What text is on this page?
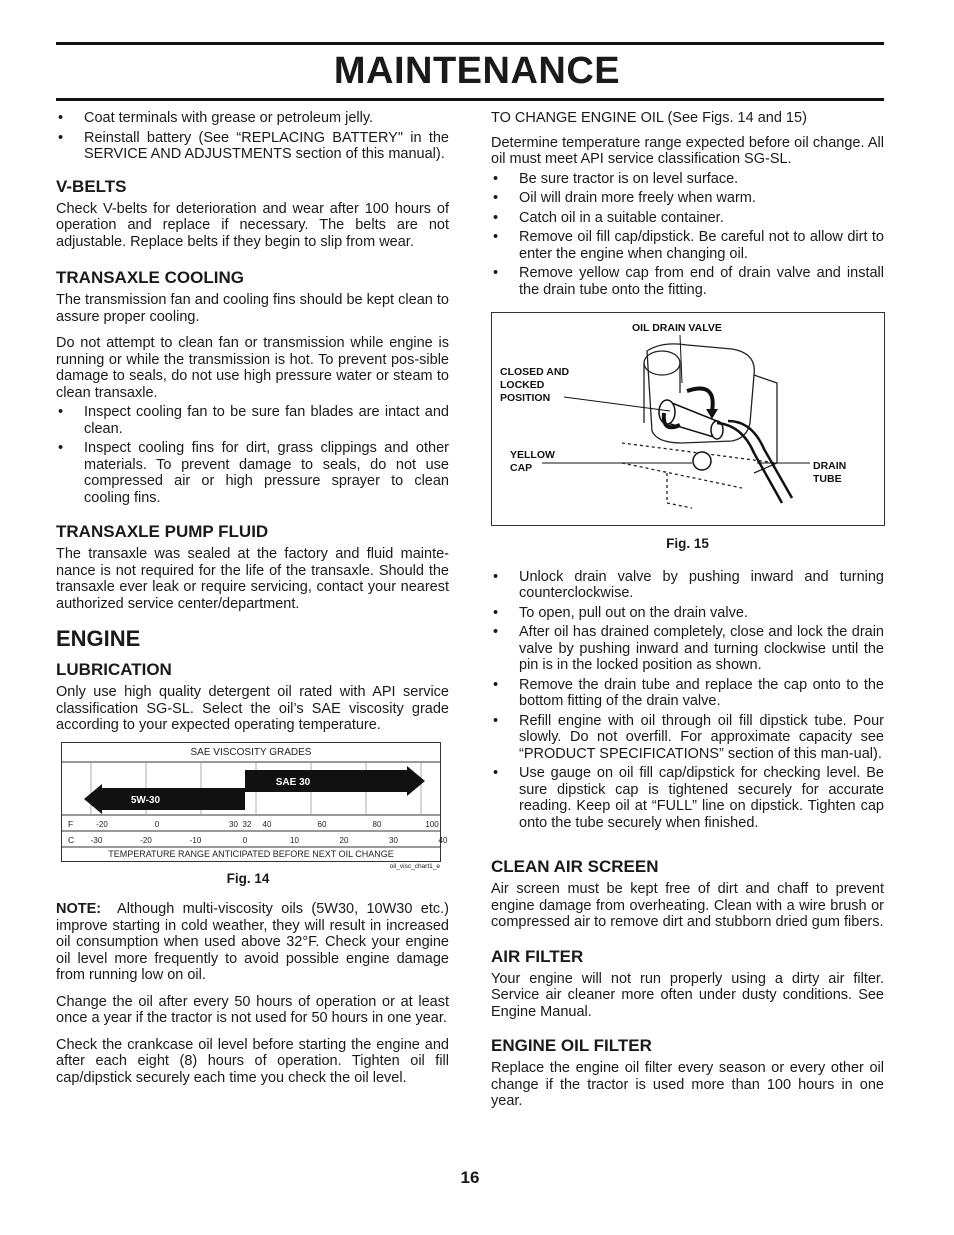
MAINTENANCE
• Coat terminals with grease or petroleum jelly.
• Reinstall battery (See “REPLACING BATTERY" in the SERVICE AND ADJUSTMENTS section of this manual).
V-BELTS

Check V-belts for deterioration and wear after 100 hours of operation and replace if necessary. The belts are not adjustable. Replace belts if they begin to slip from wear.

TRANSAXLE COOLING

The transmission fan and cooling fins should be kept clean to assure proper cooling.

Do not attempt to clean fan or transmission while engine is running or while the transmission is hot. To prevent pos-sible damage to seals, do not use high pressure water or steam to clean transaxle.

• Inspect cooling fan to be sure fan blades are intact and clean.
• Inspect cooling fins for dirt, grass clippings and other materials. To prevent damage to seals, do not use compressed air or high pressure sprayer to clean cooling fins.
TRANSAXLE PUMP FLUID

The transaxle was sealed at the factory and fluid mainte-nance is not required for the life of the transaxle. Should the transaxle ever leak or require servicing, contact your nearest authorized service center/department.

ENGINE
LUBRICATION

Only use high quality detergent oil rated with API service classification SG-SL. Select the oil’s SAE viscosity grade according to your expected operating temperature.

SAE VISCOSITY GRADES
F
C
SAE 30
5W-30
-20	0	30 32 40	60	80	100
-30	-20	-10	0	10	20	30	40
TEMPERATURE RANGE ANTICIPATED BEFORE NEXT OIL CHANGE
oil_visc_chart1_e
Fig. 14

NOTE: Although multi-viscosity oils (5W30, 10W30 etc.) improve starting in cold weather, they will result in increased oil consumption when used above 32°F. Check your engine oil level more frequently to avoid possible engine damage from running low on oil.

Change the oil after every 50 hours of operation or at least once a year if the tractor is not used for 50 hours in one year.

Check the crankcase oil level before starting the engine and after each eight (8) hours of operation. Tighten oil fill cap/dipstick securely each time you check the oil level.

TO CHANGE ENGINE OIL (See Figs. 14 and 15)

Determine temperature range expected before oil change. All oil must meet API service classification SG-SL.

• Be sure tractor is on level surface.
• Oil will drain more freely when warm.
• Catch oil in a suitable container.
• Remove oil fill cap/dipstick. Be careful not to allow dirt to enter the engine when changing oil.
• Remove yellow cap from end of drain valve and install the drain tube onto the fitting.
OIL DRAIN VALVE
CLOSED AND
LOCKED
POSITION
YELLOW
CAP	DRAIN
TUBE
Fig. 15
• Unlock drain valve by pushing inward and turning counterclockwise.
• To open, pull out on the drain valve.
• After oil has drained completely, close and lock the drain valve by pushing inward and turning clockwise until the pin is in the locked position as shown.
• Remove the drain tube and replace the cap onto to the bottom fitting of the drain valve.
• Refill engine with oil through oil fill dipstick tube. Pour slowly. Do not overfill. For approximate capacity see “PRODUCT SPECIFICATIONS” section of this man-ual).
• Use gauge on oil fill cap/dipstick for checking level. Be sure dipstick cap is tightened securely for accurate reading. Keep oil at “FULL” line on dipstick. Tighten cap onto the tube securely when finished.
CLEAN AIR SCREEN

Air screen must be kept free of dirt and chaff to prevent engine damage from overheating. Clean with a wire brush or compressed air to remove dirt and stubborn dried gum fibers.

AIR FILTER

Your engine will not run properly using a dirty air filter. Service air cleaner more often under dusty conditions. See Engine Manual.

ENGINE OIL FILTER

Replace the engine oil filter every season or every other oil change if the tractor is used more than 100 hours in one year.

16
